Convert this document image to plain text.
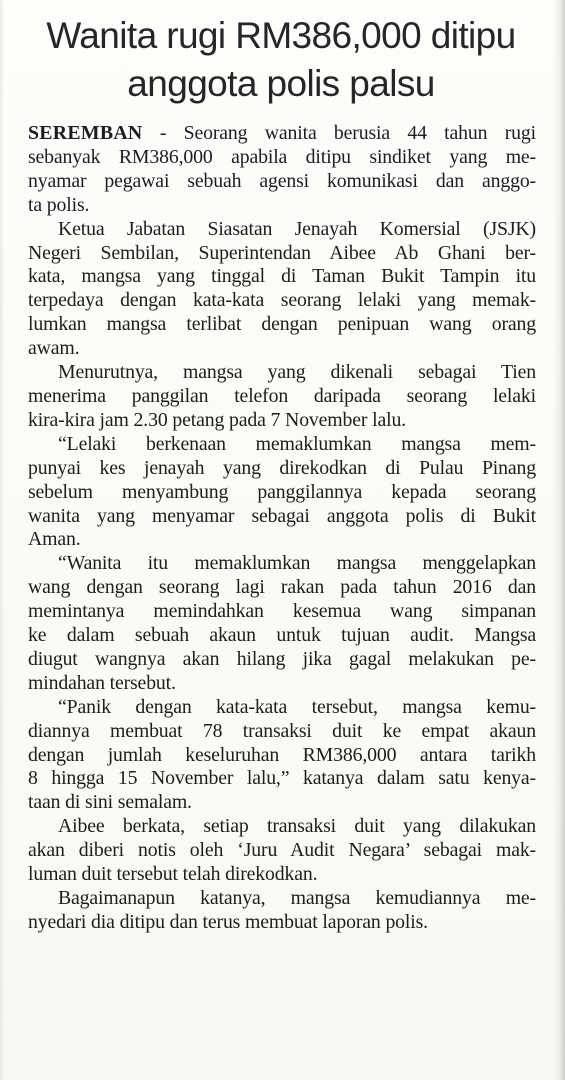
Wanita rugi RM386,000 ditipu
anggota polis palsu
SEREMBAN - Seorang wanita berusia 44 tahun rugi
sebanyak RM386,000 apabila ditipu sindiket yang me-
nyamar pegawai sebuah agensi komunikasi dan anggo-
ta polis.
Ketua Jabatan Siasatan Jenayah Komersial (JSJK)
Negeri Sembilan, Superintendan Aibee Ab Ghani ber-
kata, mangsa yang tinggal di Taman Bukit Tampin itu
terpedaya dengan kata-kata seorang lelaki yang memak-
lumkan mangsa terlibat dengan penipuan wang orang
awam.
Menurutnya, mangsa yang dikenali sebagai Tien
menerima panggilan telefon daripada seorang lelaki
kira-kira jam 2.30 petang pada 7 November lalu.
“Lelaki berkenaan memaklumkan mangsa mem-
punyai kes jenayah yang direkodkan di Pulau Pinang
sebelum menyambung panggilannya kepada seorang
wanita yang menyamar sebagai anggota polis di Bukit
Aman.
“Wanita itu memaklumkan mangsa menggelapkan
wang dengan seorang lagi rakan pada tahun 2016 dan
memintanya memindahkan kesemua wang simpanan
ke dalam sebuah akaun untuk tujuan audit. Mangsa
diugut wangnya akan hilang jika gagal melakukan pe-
mindahan tersebut.
“Panik dengan kata-kata tersebut, mangsa kemu-
diannya membuat 78 transaksi duit ke empat akaun
dengan jumlah keseluruhan RM386,000 antara tarikh
8 hingga 15 November lalu,” katanya dalam satu kenya-
taan di sini semalam.
Aibee berkata, setiap transaksi duit yang dilakukan
akan diberi notis oleh ‘Juru Audit Negara’ sebagai mak-
luman duit tersebut telah direkodkan.
Bagaimanapun katanya, mangsa kemudiannya me-
nyedari dia ditipu dan terus membuat laporan polis.
